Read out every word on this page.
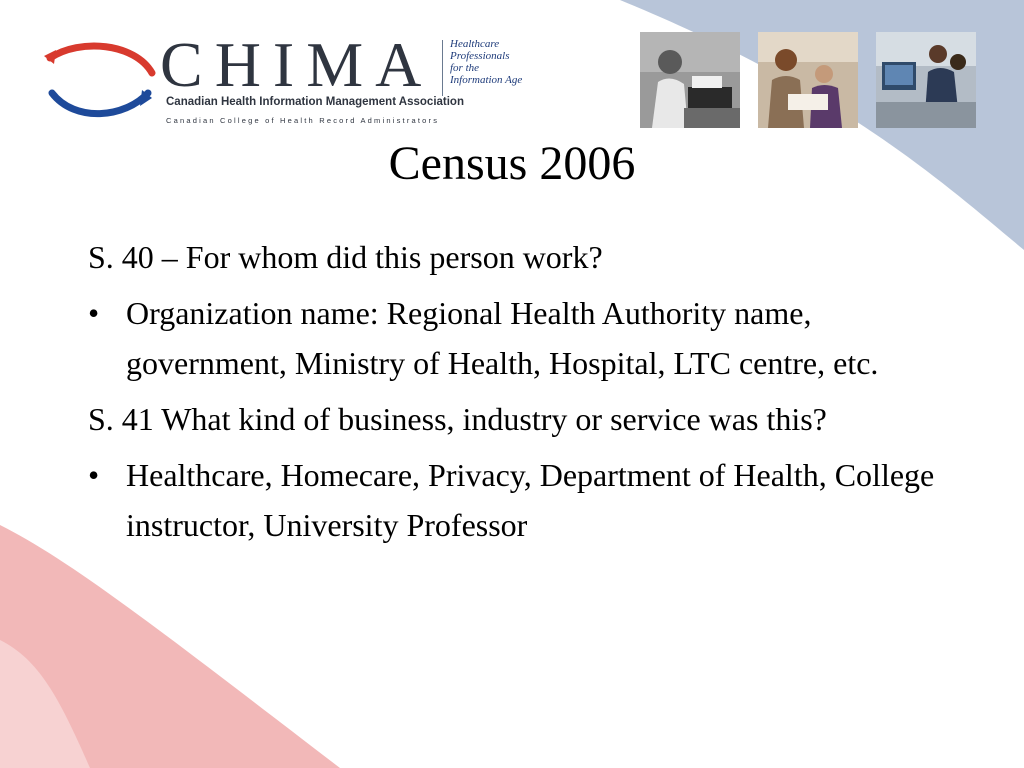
CHIMA Healthcare
Professionals
for the
Information Age
Canadian Health Information Management Association
Canadian College of Health Record Administrators
Census 2006
S. 40 – For whom did this person work?
• Organization name: Regional Health Authority name, government, Ministry of Health, Hospital, LTC centre, etc.
S. 41 What kind of business, industry or service was this?
• Healthcare, Homecare, Privacy, Department of Health, College instructor, University Professor
